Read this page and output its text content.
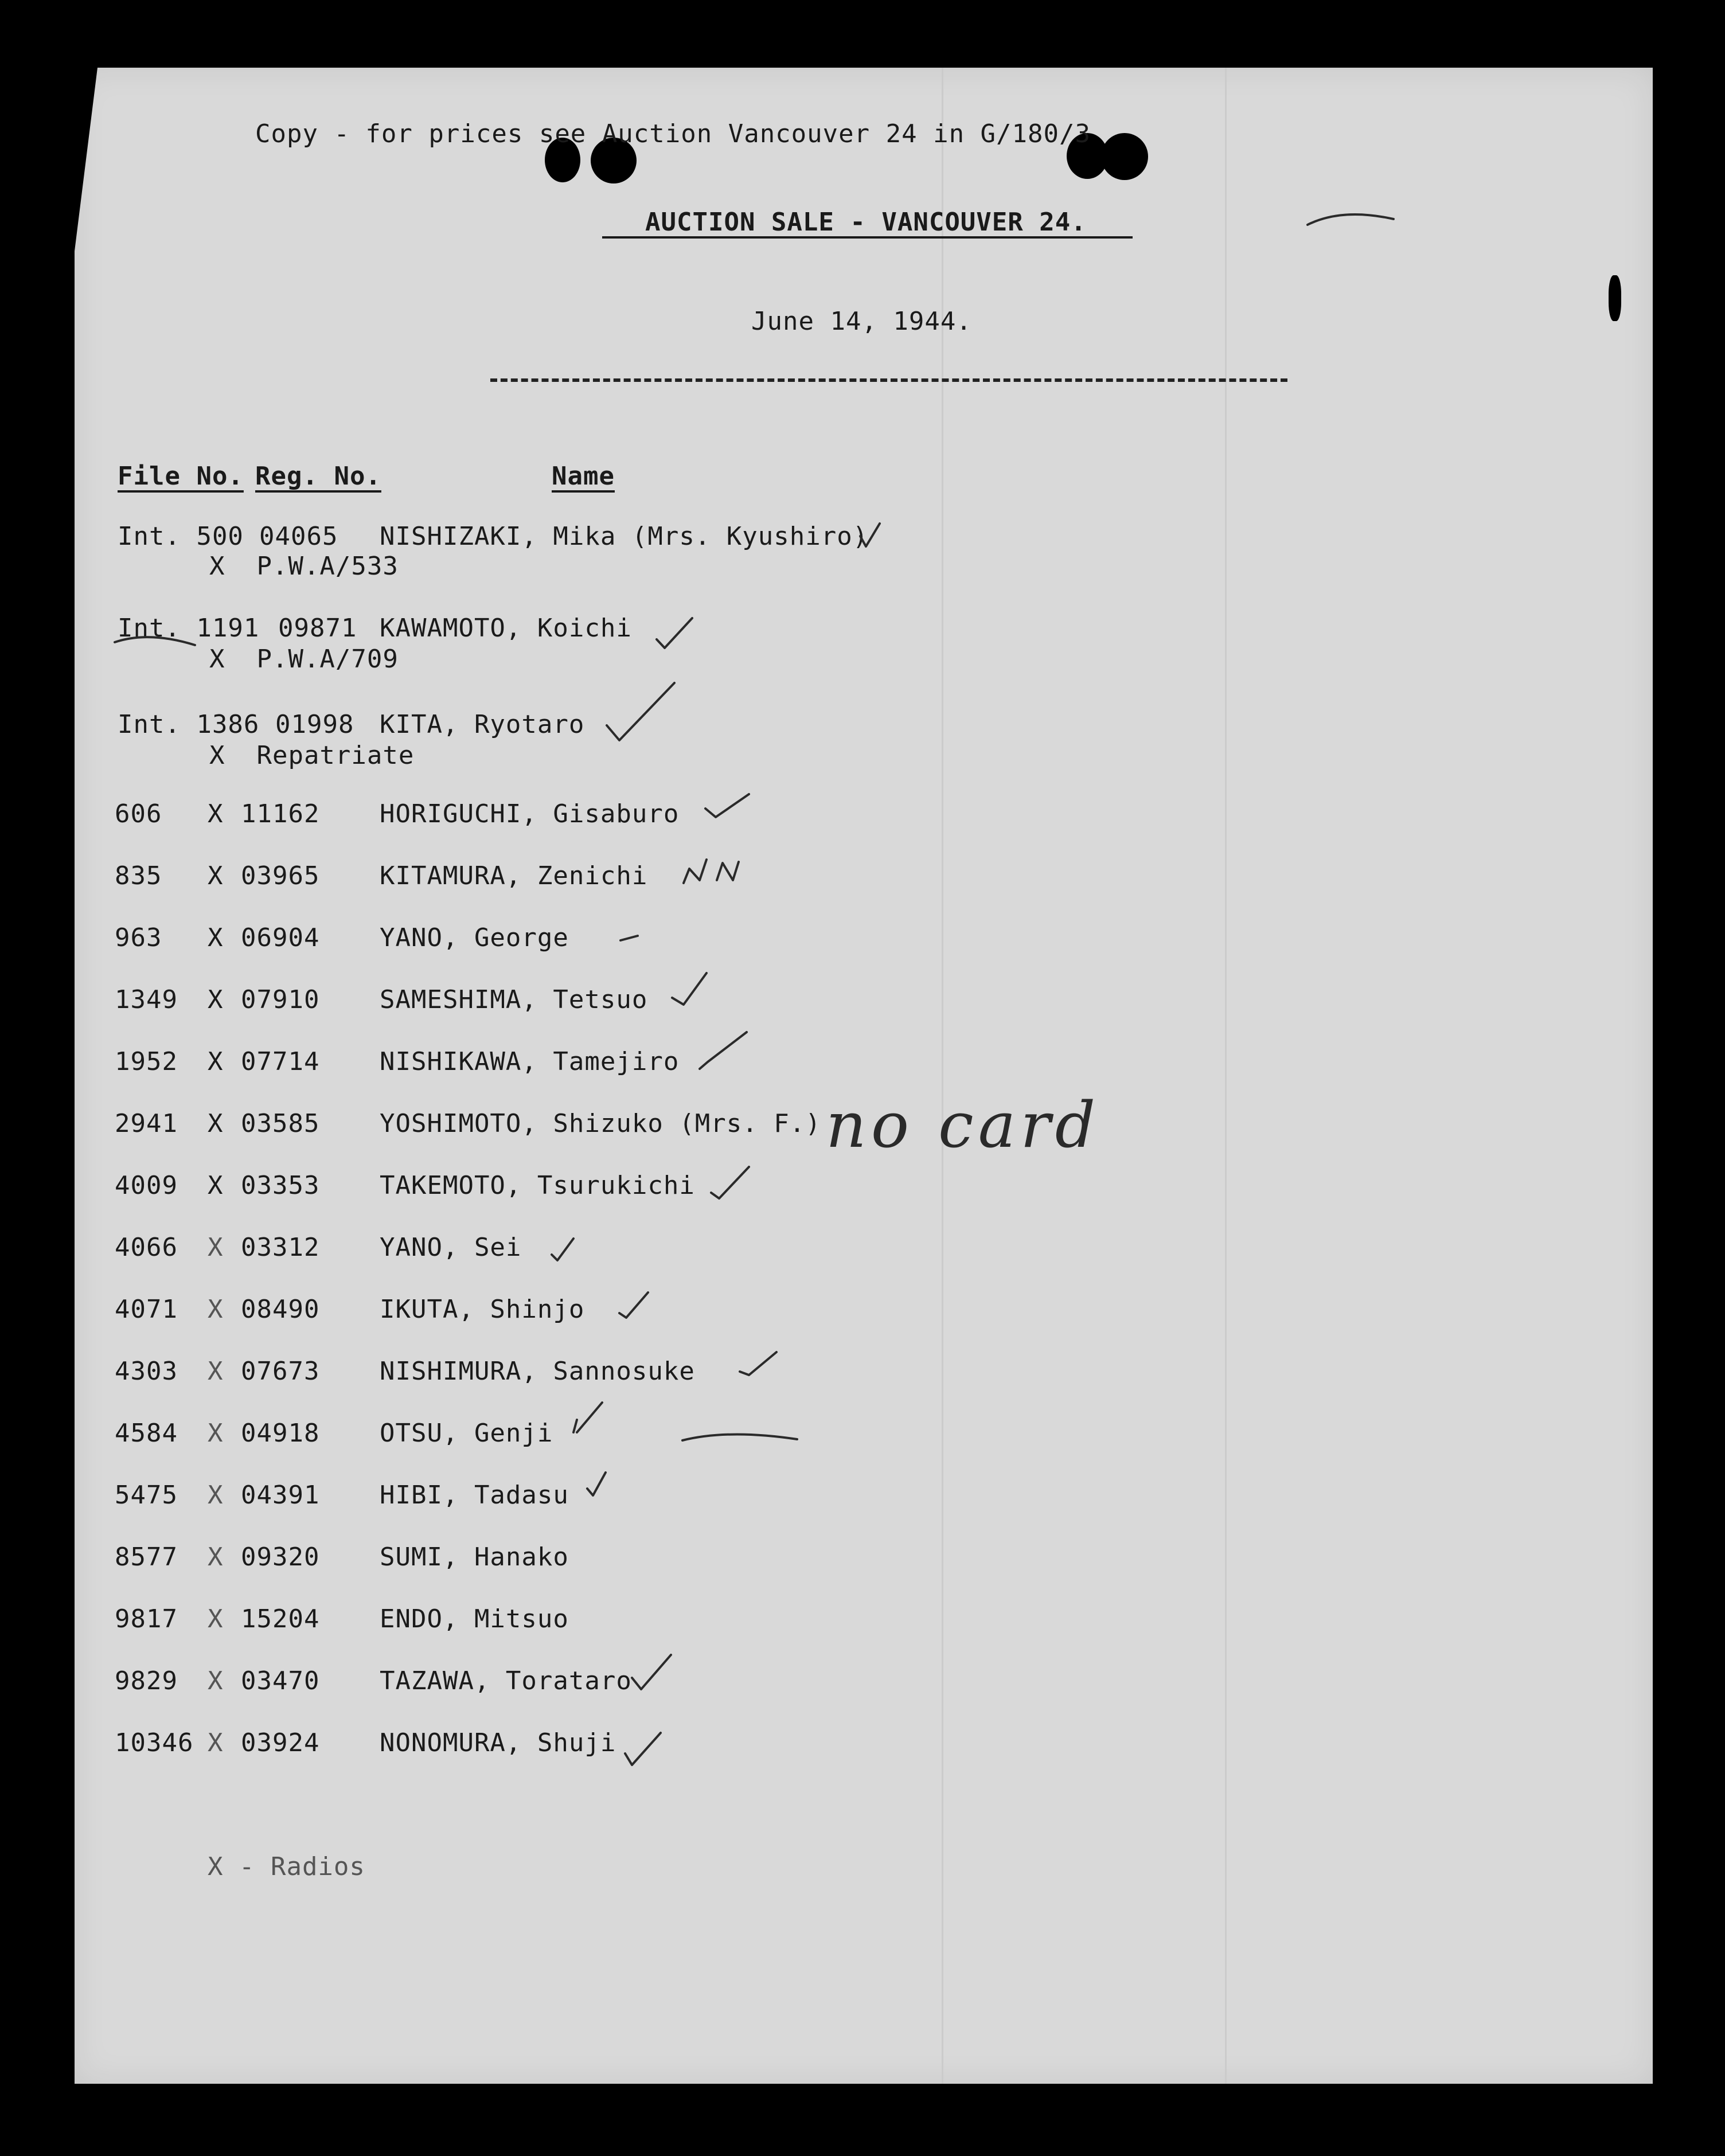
Copy - for prices see Auction Vancouver 24 in G/180/3
AUCTION SALE - VANCOUVER 24.
June 14, 1944.
File No. Reg. No.	Name
Int. 500 04065 NISHIZAKI, Mika (Mrs. Kyushiro)
X  P.W.A/533
Int. 1191 09871 KAWAMOTO, Koichi
X  P.W.A/709
Int. 1386 01998 KITA, Ryotaro
X  Repatriate
606 X 11162 HORIGUCHI, Gisaburo
835 X 03965 KITAMURA, Zenichi
963 X 06904 YANO, George
1349 X 07910 SAMESHIMA, Tetsuo
1952 X 07714 NISHIKAWA, Tamejiro
2941 X 03585 YOSHIMOTO, Shizuko (Mrs. F.)
4009 X 03353 TAKEMOTO, Tsurukichi
4066 X 03312 YANO, Sei
4071 X 08490 IKUTA, Shinjo
4303 X 07673 NISHIMURA, Sannosuke
4584 X 04918 OTSU, Genji
5475 X 04391 HIBI, Tadasu
8577 X 09320 SUMI, Hanako
9817 X 15204 ENDO, Mitsuo
9829 X 03470 TAZAWA, Torataro
10346 X 03924 NONOMURA, Shuji
X - Radios
no card
